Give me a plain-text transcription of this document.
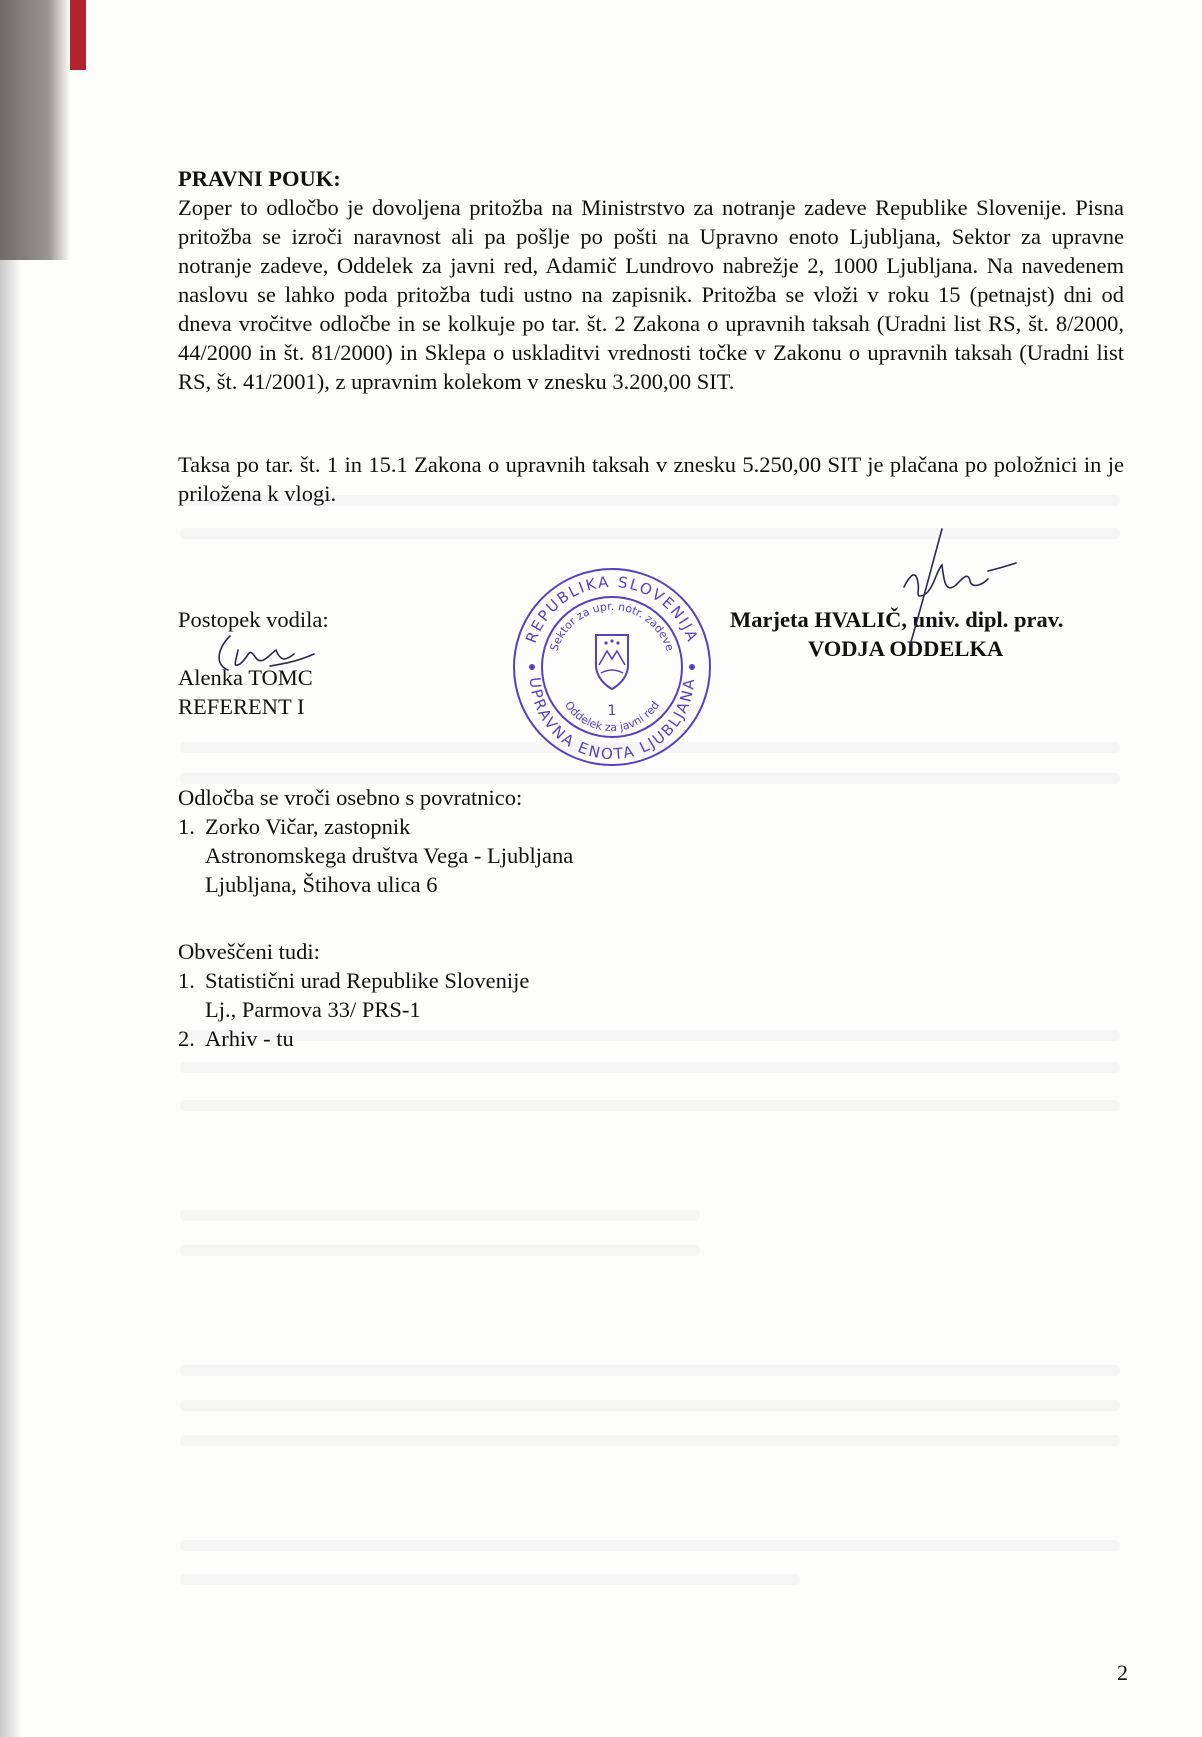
PRAVNI POUK:
Zoper to odločbo je dovoljena pritožba na Ministrstvo za notranje zadeve Republike Slovenije. Pisna pritožba se izroči naravnost ali pa pošlje po pošti na Upravno enoto Ljubljana, Sektor za upravne notranje zadeve, Oddelek za javni red, Adamič Lundrovo nabrežje 2, 1000 Ljubljana. Na navedenem naslovu se lahko poda pritožba tudi ustno na zapisnik. Pritožba se vloži v roku 15 (petnajst) dni od dneva vročitve odločbe in se kolkuje po tar. št. 2 Zakona o upravnih taksah (Uradni list RS, št. 8/2000, 44/2000 in št. 81/2000) in Sklepa o uskladitvi vrednosti točke v Zakonu o upravnih taksah (Uradni list RS, št. 41/2001), z upravnim kolekom v znesku 3.200,00 SIT.
Taksa po tar. št. 1 in 15.1 Zakona o upravnih taksah v znesku 5.250,00 SIT je plačana po položnici in je priložena k vlogi.
Postopek vodila:
Alenka TOMC
REFERENT I
REPUBLIKA SLOVENIJA
UPRAVNA ENOTA LJUBLJANA
Sektor za upr. notr. zadeve
Oddelek za javni red
1
Marjeta HVALIČ, univ. dipl. prav.
VODJA ODDELKA
Odločba se vroči osebno s povratnico:
1. Zorko Vičar, zastopnik
Astronomskega društva Vega - Ljubljana
Ljubljana, Štihova ulica 6
Obveščeni tudi:
1. Statistični urad Republike Slovenije
Lj., Parmova 33/ PRS-1
2. Arhiv - tu
2
